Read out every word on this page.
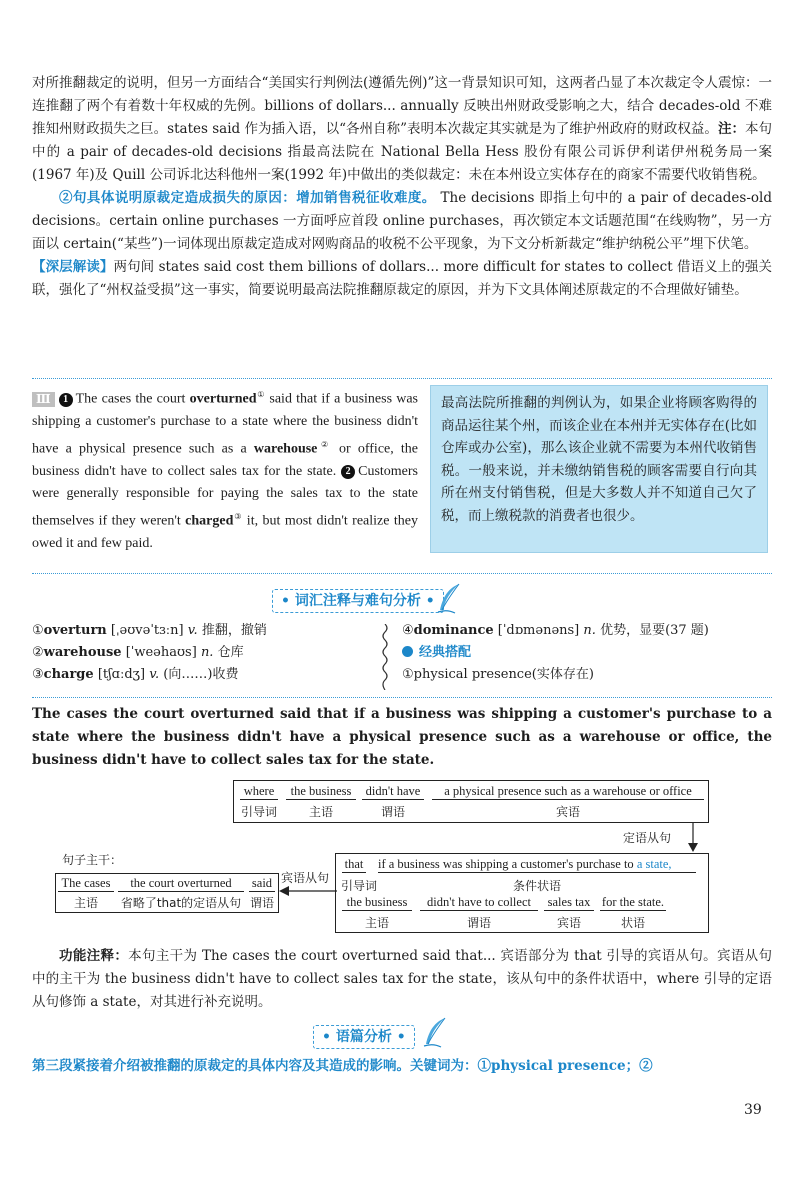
对所推翻裁定的说明，但另一方面结合“美国实行判例法(遵循先例)”这一背景知识可知，这两者凸显了本次裁定令人震惊：一连推翻了两个有着数十年权威的先例。billions of dollars... annually 反映出州财政受影响之大，结合 decades-old 不难推知州财政损失之巨。states said 作为插入语，以“各州自称”表明本次裁定其实就是为了维护州政府的财政权益。注：本句中的 a pair of decades-old decisions 指最高法院在 National Bella Hess 股份有限公司诉伊利诺伊州税务局一案(1967 年)及 Quill 公司诉北达科他州一案(1992 年)中做出的类似裁定：未在本州设立实体存在的商家不需要代收销售税。

②句具体说明原裁定造成损失的原因：增加销售税征收难度。 The decisions 即指上句中的 a pair of decades-old decisions。certain online purchases 一方面呼应首段 online purchases，再次锁定本文话题范围“在线购物”，另一方面以 certain(“某些”)一词体现出原裁定造成对网购商品的收税不公平现象，为下文分析新裁定“维护纳税公平”埋下伏笔。

【深层解读】两句间 states said cost them billions of dollars... more difficult for states to collect 借语义上的强关联，强化了“州权益受损”这一事实，简要说明最高法院推翻原裁定的原因，并为下文具体阐述原裁定的不合理做好铺垫。

Ⅲ 1 The cases the court overturned① said that if a business was shipping a customer's purchase to a state where the business didn't have a physical presence such as a warehouse② or office, the business didn't have to collect sales tax for the state. 2 Customers were generally responsible for paying the sales tax to the state themselves if they weren't charged③ it, but most didn't realize they owed it and few paid.
最高法院所推翻的判例认为，如果企业将顾客购得的商品运往某个州，而该企业在本州并无实体存在(比如仓库或办公室)，那么该企业就不需要为本州代收销售税。一般来说，并未缴纳销售税的顾客需要自行向其所在州支付销售税，但是大多数人并不知道自己欠了税，而上缴税款的消费者也很少。
• 词汇注释与难句分析 •
①overturn [ˌəʊvəˈtɜːn] v. 推翻，撤销
②warehouse [ˈweəhaʊs] n. 仓库
③charge [tʃɑːdʒ] v. (向……)收费
④dominance [ˈdɒmənəns] n. 优势，显要(37 题)
经典搭配
①physical presence(实体存在)
The cases the court overturned said that if a business was shipping a customer's purchase to a state where the business didn't have a physical presence such as a warehouse or office, the business didn't have to collect sales tax for the state.
where
引导词
the business
主语
didn't have
谓语
a physical presence such as a warehouse or office
宾语
定语从句
句子主干：
The cases
主语
the court overturned
省略了that的定语从句
said
谓语
宾语从句
that
引导词
if a business was shipping a customer's purchase to a state,
条件状语
the business
主语
didn't have to collect
谓语
sales tax
宾语
for the state.
状语
功能注释：本句主干为 The cases the court overturned said that... 宾语部分为 that 引导的宾语从句。宾语从句中的主干为 the business didn't have to collect sales tax for the state，该从句中的条件状语中，where 引导的定语从句修饰 a state，对其进行补充说明。
• 语篇分析 •
第三段紧接着介绍被推翻的原裁定的具体内容及其造成的影响。关键词为：①physical presence；②
39
